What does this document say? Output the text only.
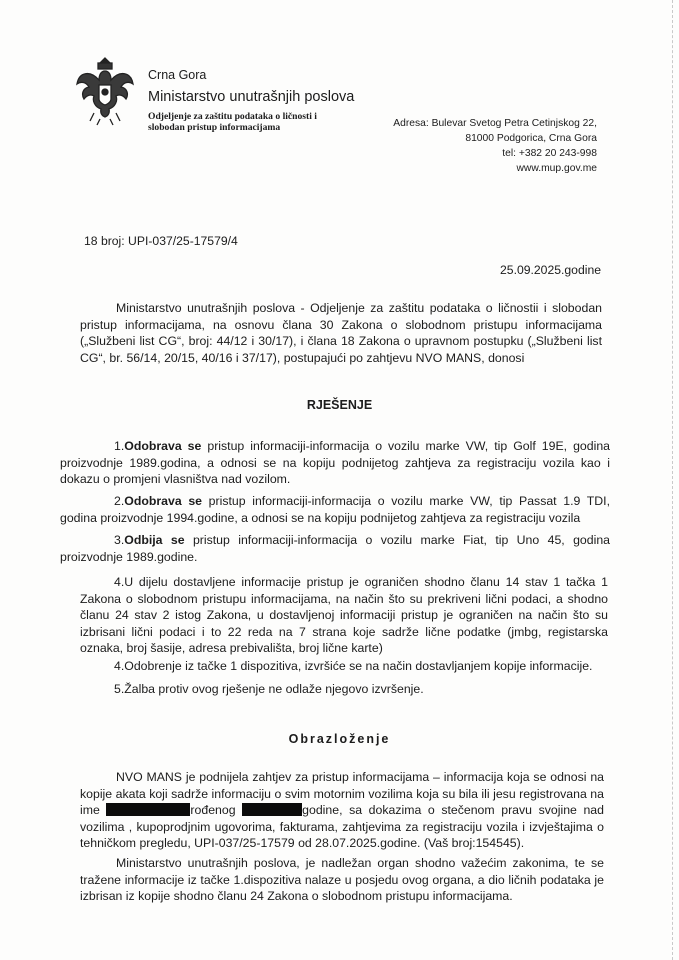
Crna Gora
Ministarstvo unutrašnjih poslova
Odjeljenje za zaštitu podataka o ličnosti i slobodan pristup informacijama	Adresa: Bulevar Svetog Petra Cetinjskog 22,
81000 Podgorica, Crna Gora
tel: +382 20 243-998
www.mup.gov.me
18 broj: UPI-037/25-17579/4
25.09.2025.godine
Ministarstvo unutrašnjih poslova - Odjeljenje za zaštitu podataka o ličnostii i slobodan pristup informacijama, na osnovu člana 30 Zakona o slobodnom pristupu informacijama („Službeni list CG“, broj: 44/12 i 30/17), i člana 18 Zakona o upravnom postupku („Službeni list CG“, br. 56/14, 20/15, 40/16 i 37/17), postupajući po zahtjevu NVO MANS, donosi
RJEŠENJE
1.Odobrava se pristup informaciji-informacija o vozilu marke VW, tip Golf 19E, godina proizvodnje 1989.godina, a odnosi se na kopiju podnijetog zahtjeva za registraciju vozila kao i dokazu o promjeni vlasništva nad vozilom.
2.Odobrava se pristup informaciji-informacija o vozilu marke VW, tip Passat 1.9 TDI, godina proizvodnje 1994.godine, a odnosi se na kopiju podnijetog zahtjeva za registraciju vozila
3.Odbija se pristup informaciji-informacija o vozilu marke Fiat, tip Uno 45, godina proizvodnje 1989.godine.
4.U dijelu dostavljene informacije pristup je ograničen shodno članu 14 stav 1 tačka 1 Zakona o slobodnom pristupu informacijama, na način što su prekriveni lični podaci, a shodno članu 24 stav 2 istog Zakona, u dostavljenoj informaciji pristup je ograničen na način što su izbrisani lični podaci i to 22 reda na 7 strana koje sadrže lične podatke (jmbg, registarska oznaka, broj šasije, adresa prebivališta, broj lične karte)
4.Odobrenje iz tačke 1 dispozitiva, izvršiće se na način dostavljanjem kopije informacije.
5.Žalba protiv ovog rješenje ne odlaže njegovo izvršenje.
Obrazloženje
NVO MANS je podnijela zahtjev za pristup informacijama – informacija koja se odnosi na kopije akata koji sadrže informaciju o svim motornim vozilima koja su bila ili jesu registrovana na ime	rođenog	godine, sa dokazima o stečenom pravu svojine nad vozilima , kupoprodjnim ugovorima, fakturama, zahtjevima za registraciju vozila i izvještajima o tehničkom pregledu, UPI-037/25-17579 od 28.07.2025.godine. (Vaš broj:154545).
Ministarstvo unutrašnjih poslova, je nadležan organ shodno važećim zakonima, te se tražene informacije iz tačke 1.dispozitiva nalaze u posjedu ovog organa, a dio ličnih podataka je izbrisan iz kopije shodno članu 24 Zakona o slobodnom pristupu informacijama.
